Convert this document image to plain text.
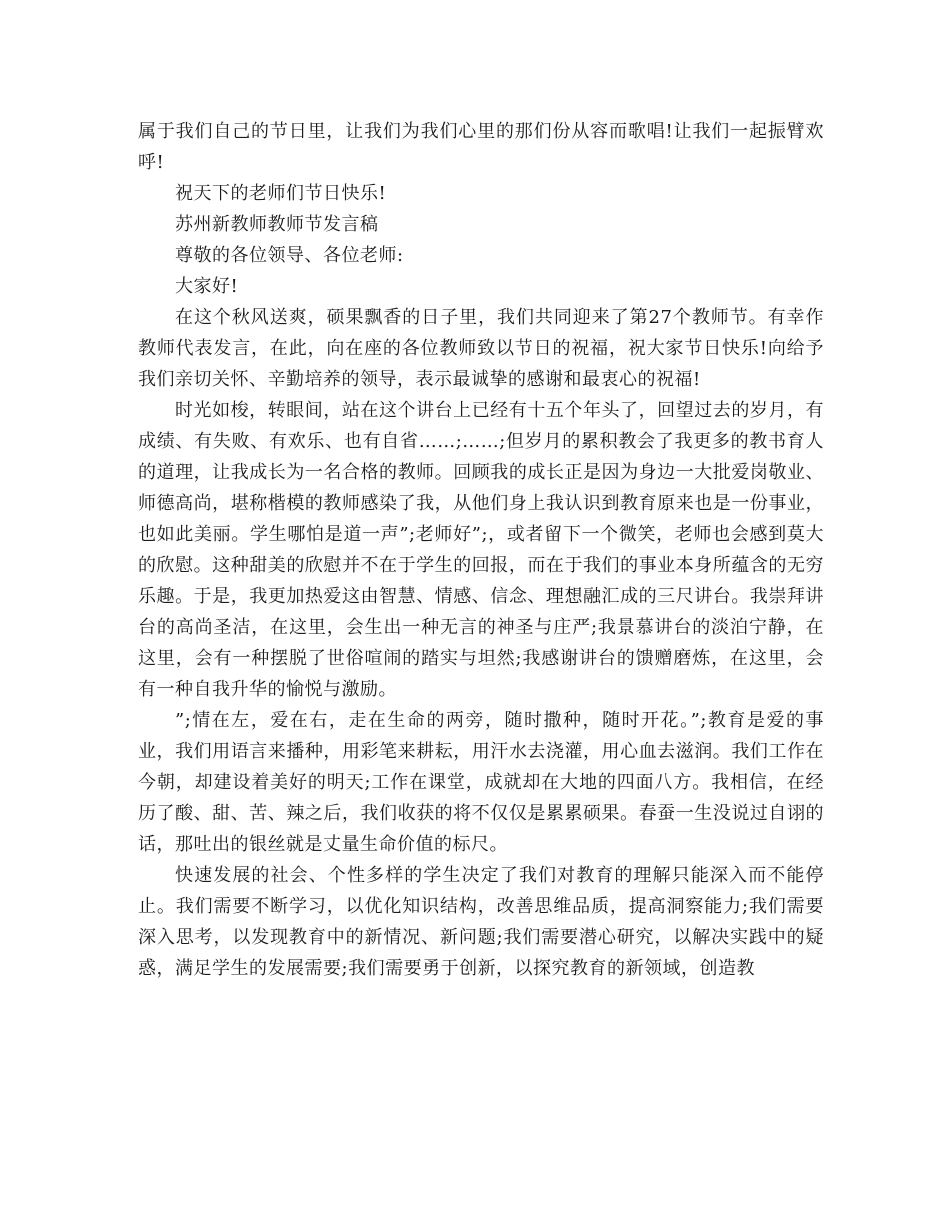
属于我们自己的节日里，让我们为我们心里的那们份从容而歌唱!让我们一起振臂欢呼!

祝天下的老师们节日快乐!

苏州新教师教师节发言稿

尊敬的各位领导、各位老师:

大家好!

在这个秋风送爽，硕果飘香的日子里，我们共同迎来了第27个教师节。有幸作教师代表发言，在此，向在座的各位教师致以节日的祝福，祝大家节日快乐!向给予我们亲切关怀、辛勤培养的领导，表示最诚挚的感谢和最衷心的祝福!

时光如梭，转眼间，站在这个讲台上已经有十五个年头了，回望过去的岁月，有成绩、有失败、有欢乐、也有自省……;……;但岁月的累积教会了我更多的教书育人的道理，让我成长为一名合格的教师。回顾我的成长正是因为身边一大批爱岗敬业、师德高尚，堪称楷模的教师感染了我，从他们身上我认识到教育原来也是一份事业，也如此美丽。学生哪怕是道一声”;老师好”;，或者留下一个微笑，老师也会感到莫大的欣慰。这种甜美的欣慰并不在于学生的回报，而在于我们的事业本身所蕴含的无穷乐趣。于是，我更加热爱这由智慧、情感、信念、理想融汇成的三尺讲台。我崇拜讲台的高尚圣洁，在这里，会生出一种无言的神圣与庄严;我景慕讲台的淡泊宁静，在这里，会有一种摆脱了世俗喧闹的踏实与坦然;我感谢讲台的馈赠磨炼，在这里，会有一种自我升华的愉悦与激励。

”;情在左，爱在右，走在生命的两旁，随时撒种，随时开花。”;教育是爱的事业，我们用语言来播种，用彩笔来耕耘，用汗水去浇灌，用心血去滋润。我们工作在今朝，却建设着美好的明天;工作在课堂，成就却在大地的四面八方。我相信，在经历了酸、甜、苦、辣之后，我们收获的将不仅仅是累累硕果。春蚕一生没说过自诩的话，那吐出的银丝就是丈量生命价值的标尺。

快速发展的社会、个性多样的学生决定了我们对教育的理解只能深入而不能停止。我们需要不断学习，以优化知识结构，改善思维品质，提高洞察能力;我们需要深入思考，以发现教育中的新情况、新问题;我们需要潜心研究，以解决实践中的疑惑，满足学生的发展需要;我们需要勇于创新，以探究教育的新领域，创造教
